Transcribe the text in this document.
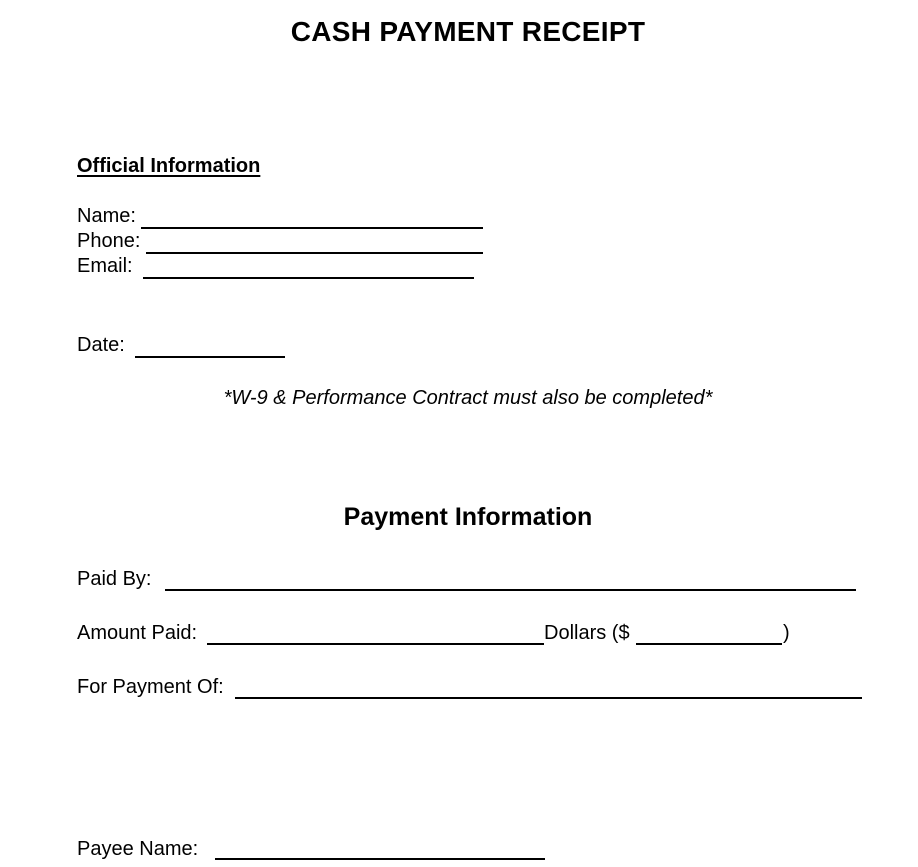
CASH PAYMENT RECEIPT
Official Information
Name:
Phone:
Email:
Date:
*W-9 & Performance Contract must also be completed*
Payment Information
Paid By:
Amount Paid:	Dollars ($	)
For Payment Of:
Payee Name:
